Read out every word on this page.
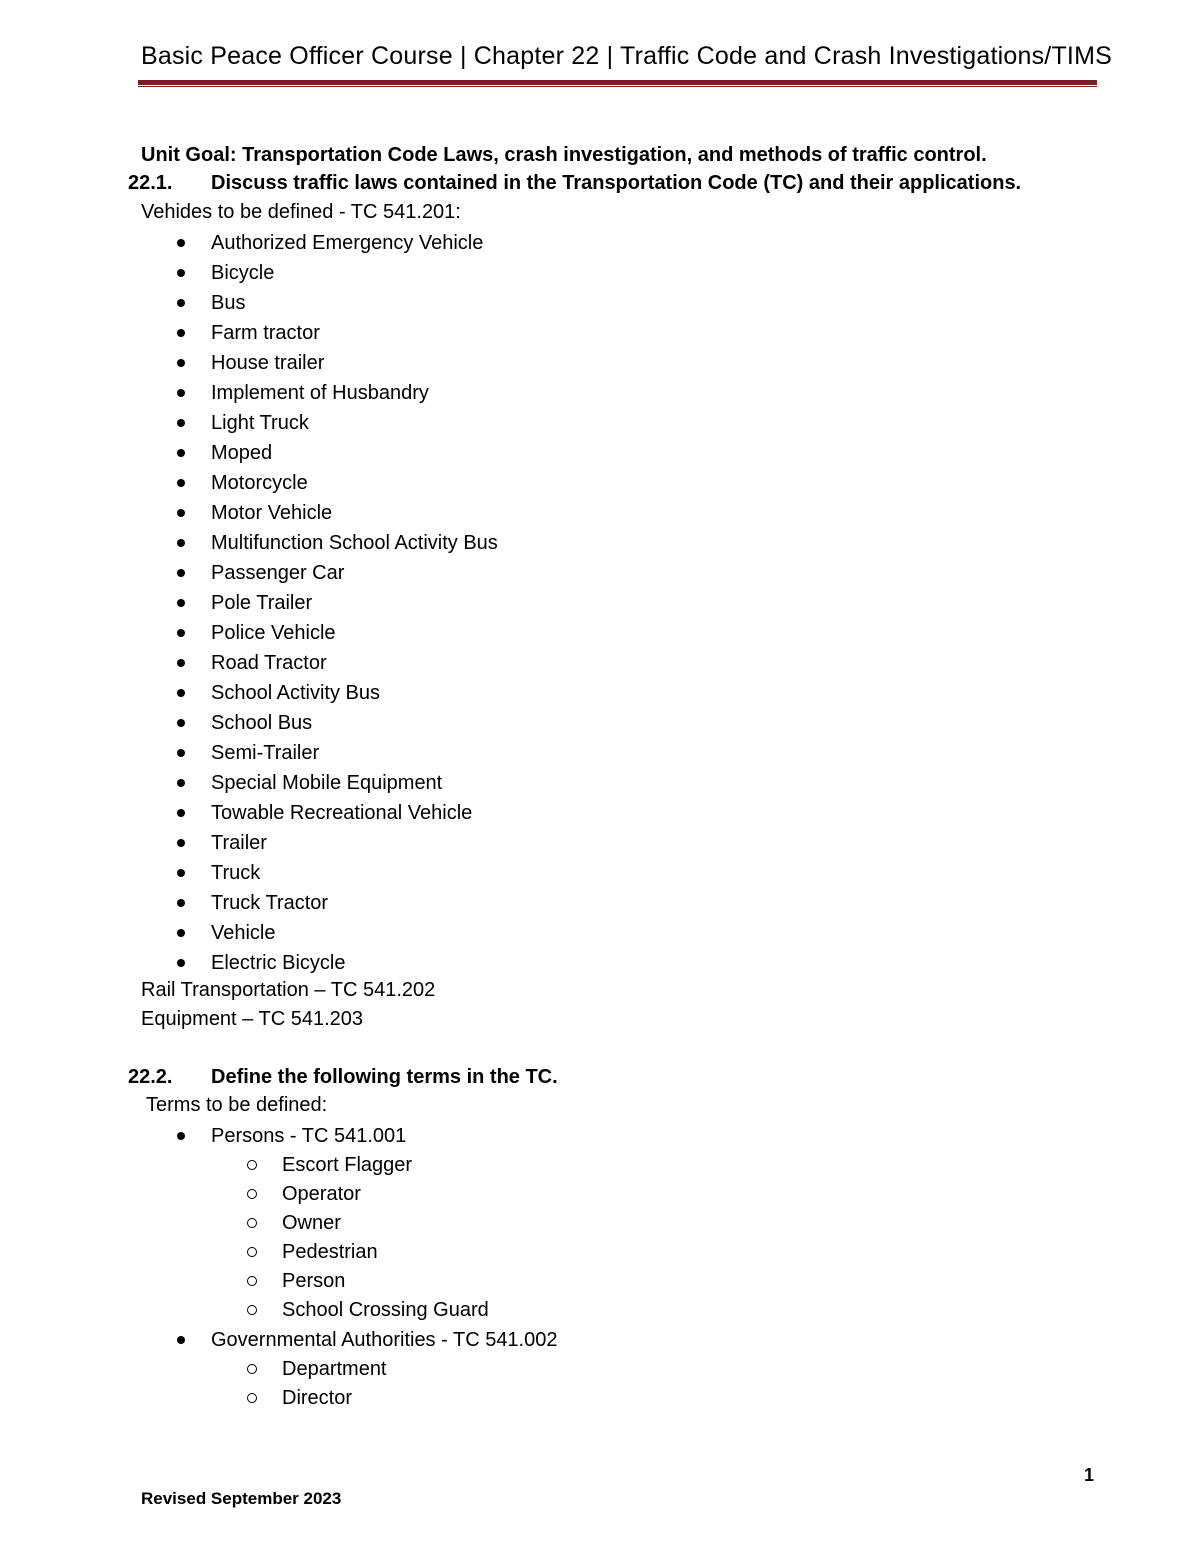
Basic Peace Officer Course | Chapter 22 | Traffic Code and Crash Investigations/TIMS
Unit Goal: Transportation Code Laws, crash investigation, and methods of traffic control.
22.1. Discuss traffic laws contained in the Transportation Code (TC) and their applications.
Vehides to be defined - TC 541.201:
Authorized Emergency Vehicle
Bicycle
Bus
Farm tractor
House trailer
Implement of Husbandry
Light Truck
Moped
Motorcycle
Motor Vehicle
Multifunction School Activity Bus
Passenger Car
Pole Trailer
Police Vehicle
Road Tractor
School Activity Bus
School Bus
Semi-Trailer
Special Mobile Equipment
Towable Recreational Vehicle
Trailer
Truck
Truck Tractor
Vehicle
Electric Bicycle
Rail Transportation – TC 541.202
Equipment – TC 541.203
22.2. Define the following terms in the TC.
Terms to be defined:
Persons - TC 541.001
Escort Flagger
Operator
Owner
Pedestrian
Person
School Crossing Guard
Governmental Authorities - TC 541.002
Department
Director
1
Revised September 2023
